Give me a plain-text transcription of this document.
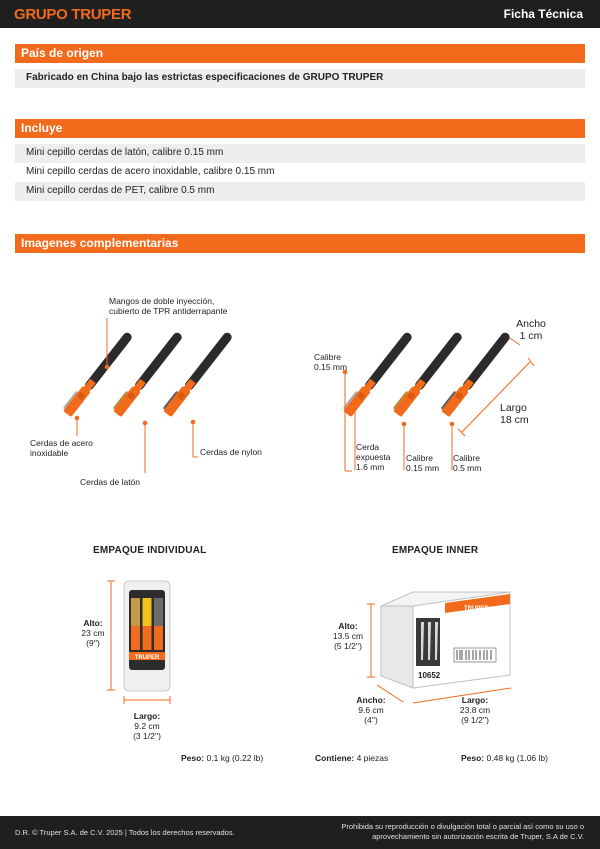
GRUPO TRUPER	Ficha Técnica
País de origen
Fabricado en China bajo las estrictas especificaciones de GRUPO TRUPER
Incluye
Mini cepillo cerdas de latón, calibre 0.15 mm
Mini cepillo cerdas de acero inoxidable, calibre 0.15 mm
Mini cepillo cerdas de PET, calibre 0.5 mm
Imagenes complementarias
TRUPER
TRUPER
10652
Mangos de doble inyección,
cubierto de TPR antiderrapante
Cerdas de acero
inoxidable
Cerdas de latón
Cerdas de nylon
Calibre
0.15 mm
Ancho
1 cm
Largo
18 cm
Cerda
expuesta
1.6 mm
Calibre
0.15 mm
Calibre
0.5 mm
EMPAQUE INDIVIDUAL	EMPAQUE INNER
Alto:
23 cm
(9'')
Largo:
9.2 cm
(3 1/2'')
Peso: 0.1 kg (0.22 lb)
Alto:
13.5 cm
(5 1/2'')
Ancho:
9.6 cm
(4'')
Largo:
23.8 cm
(9 1/2'')
Contiene: 4 piezas	Peso: 0.48 kg (1.06 lb)
D.R. © Truper S.A. de C.V. 2025 | Todos los derechos reservados.
Prohibida su reproducción o divulgación total o parcial así como su uso o
aprovechamiento sin autorización escrita de Truper, S.A de C.V.
